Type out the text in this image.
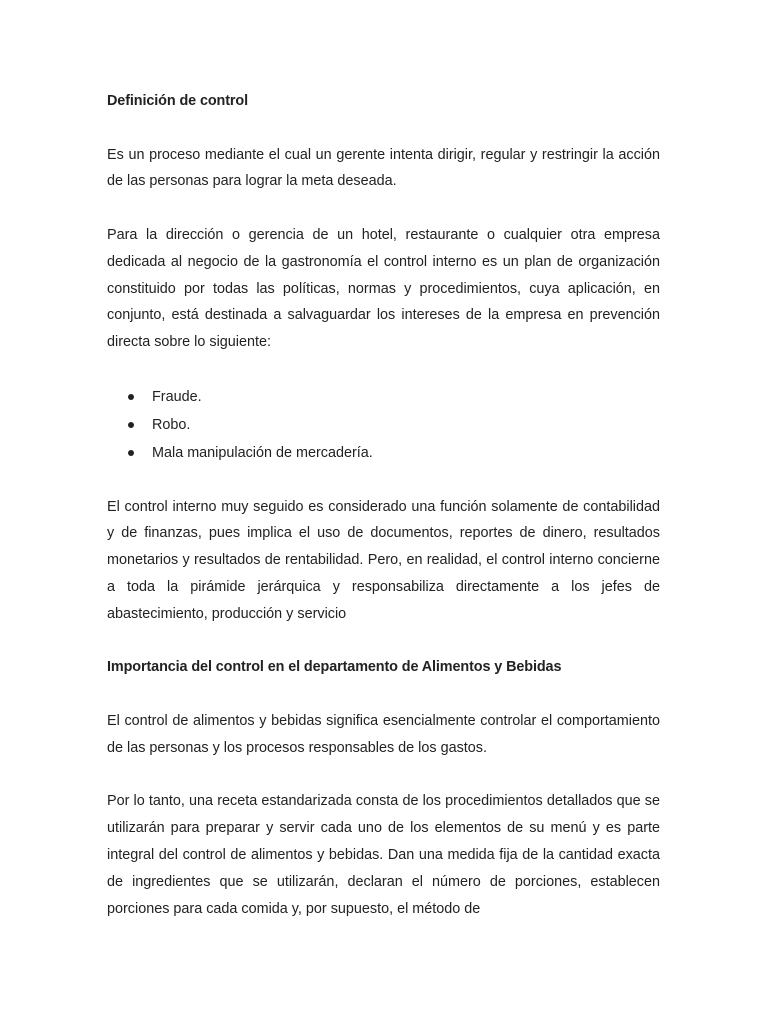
Definición de control

Es un proceso mediante el cual un gerente intenta dirigir, regular y restringir la acción de las personas para lograr la meta deseada.

Para la dirección o gerencia de un hotel, restaurante o cualquier otra empresa dedicada al negocio de la gastronomía el control interno es un plan de organización constituido por todas las políticas, normas y procedimientos, cuya aplicación, en conjunto, está destinada a salvaguardar los intereses de la empresa en prevención directa sobre lo siguiente:

Fraude.
Robo.
Mala manipulación de mercadería.

El control interno muy seguido es considerado una función solamente de contabilidad y de finanzas, pues implica el uso de documentos, reportes de dinero, resultados monetarios y resultados de rentabilidad. Pero, en realidad, el control interno concierne a toda la pirámide jerárquica y responsabiliza directamente a los jefes de abastecimiento, producción y servicio

Importancia del control en el departamento de Alimentos y Bebidas

El control de alimentos y bebidas significa esencialmente controlar el comportamiento de las personas y los procesos responsables de los gastos.

Por lo tanto, una receta estandarizada consta de los procedimientos detallados que se utilizarán para preparar y servir cada uno de los elementos de su menú y es parte integral del control de alimentos y bebidas. Dan una medida fija de la cantidad exacta de ingredientes que se utilizarán, declaran el número de porciones, establecen porciones para cada comida y, por supuesto, el método de
